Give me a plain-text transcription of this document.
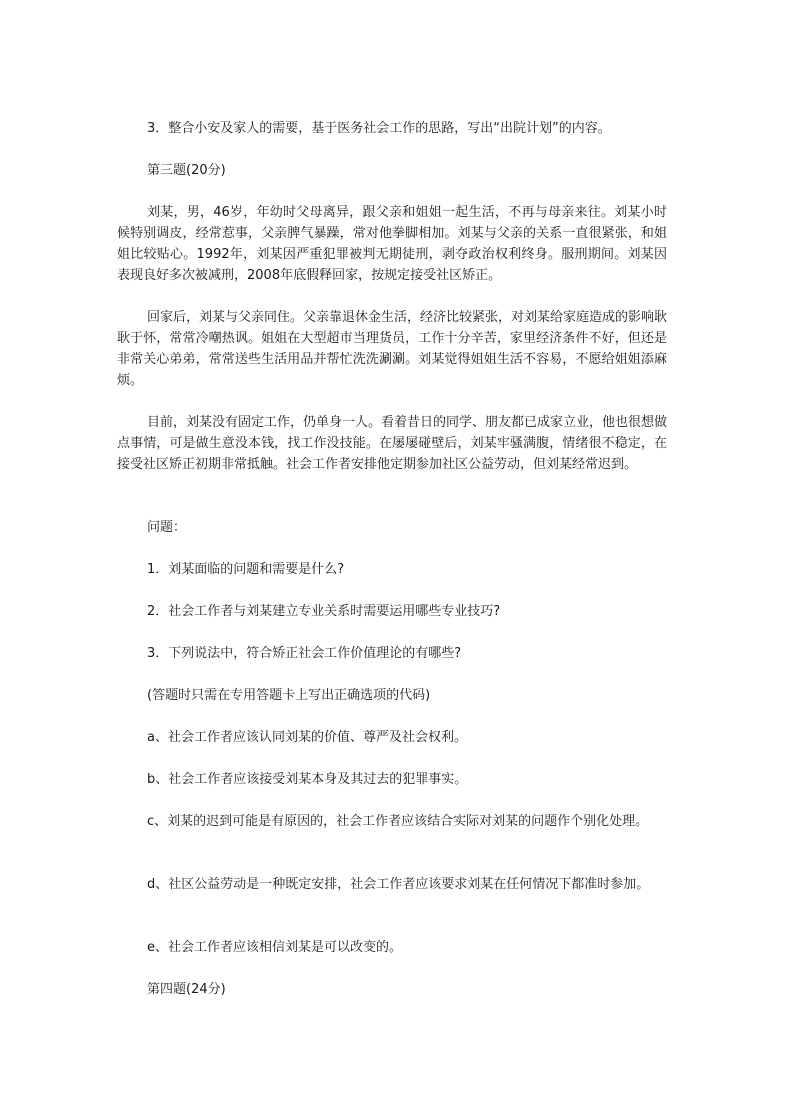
3．整合小安及家人的需要，基于医务社会工作的思路，写出“出院计划”的内容。

第三题(20分)

刘某，男，46岁，年幼时父母离异，跟父亲和姐姐一起生活，不再与母亲来往。刘某小时候特别调皮，经常惹事，父亲脾气暴躁，常对他拳脚相加。刘某与父亲的关系一直很紧张，和姐姐比较贴心。1992年，刘某因严重犯罪被判无期徒刑，剥夺政治权利终身。服刑期间。刘某因表现良好多次被减刑，2008年底假释回家，按规定接受社区矫正。

回家后，刘某与父亲同住。父亲靠退休金生活，经济比较紧张，对刘某给家庭造成的影响耿耿于怀，常常冷嘲热讽。姐姐在大型超市当理货员，工作十分辛苦，家里经济条件不好，但还是非常关心弟弟，常常送些生活用品并帮忙洗洗涮涮。刘某觉得姐姐生活不容易，不愿给姐姐添麻烦。

目前，刘某没有固定工作，仍单身一人。看着昔日的同学、朋友都已成家立业，他也很想做点事情，可是做生意没本钱，找工作没技能。在屡屡碰壁后，刘某牢骚满腹，情绪很不稳定，在接受社区矫正初期非常抵触。社会工作者安排他定期参加社区公益劳动，但刘某经常迟到。

问题：

1．刘某面临的问题和需要是什么?

2．社会工作者与刘某建立专业关系时需要运用哪些专业技巧?

3．下列说法中，符合矫正社会工作价值理论的有哪些?

(答题时只需在专用答题卡上写出正确选项的代码)

a、社会工作者应该认同刘某的价值、尊严及社会权利。

b、社会工作者应该接受刘某本身及其过去的犯罪事实。

c、刘某的迟到可能是有原因的，社会工作者应该结合实际对刘某的问题作个别化处理。

d、社区公益劳动是一种既定安排，社会工作者应该要求刘某在任何情况下都准时参加。

e、社会工作者应该相信刘某是可以改变的。

第四题(24分)
